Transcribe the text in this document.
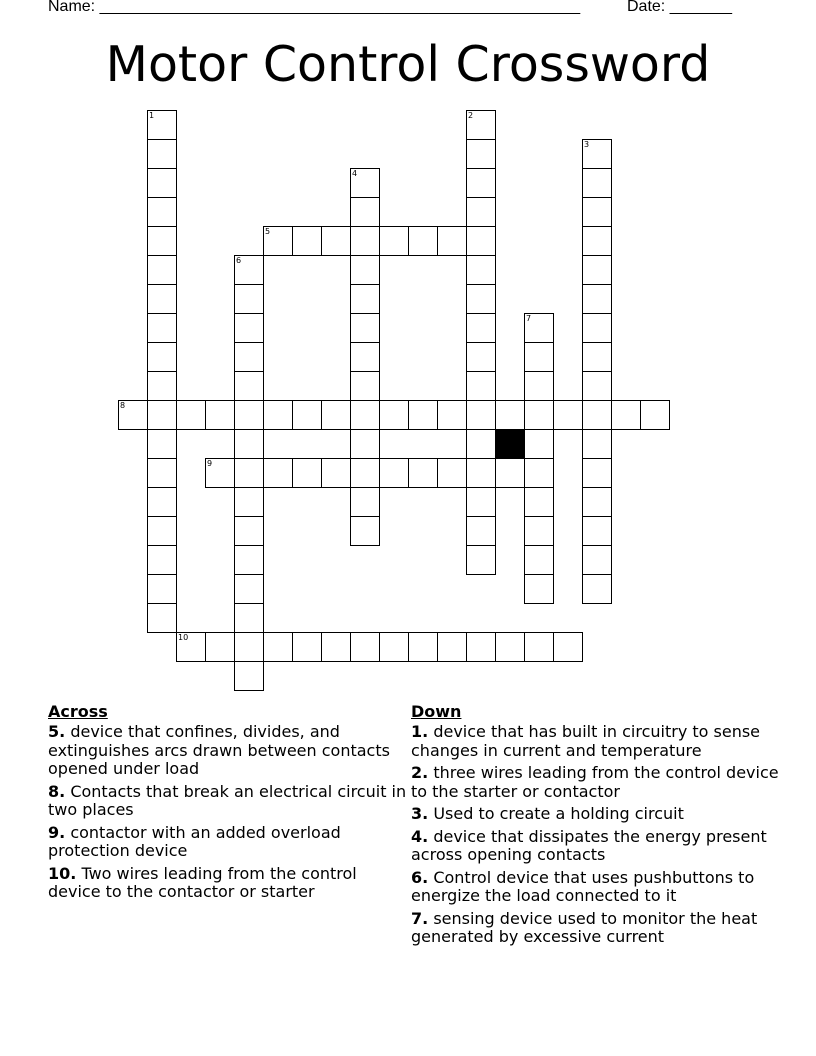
Name: ______________________________________________________	Date: _______
Motor Control Crossword
1	2
3
4
5
6
7
8
9
10
Across
5. device that confines, divides, and extinguishes arcs drawn between contacts opened under load
8. Contacts that break an electrical circuit in two places
9. contactor with an added overload protection device
10. Two wires leading from the control device to the contactor or starter
Down
1. device that has built in circuitry to sense changes in current and temperature
2. three wires leading from the control device to the starter or contactor
3. Used to create a holding circuit
4. device that dissipates the energy present across opening contacts
6. Control device that uses pushbuttons to energize the load connected to it
7. sensing device used to monitor the heat generated by excessive current
